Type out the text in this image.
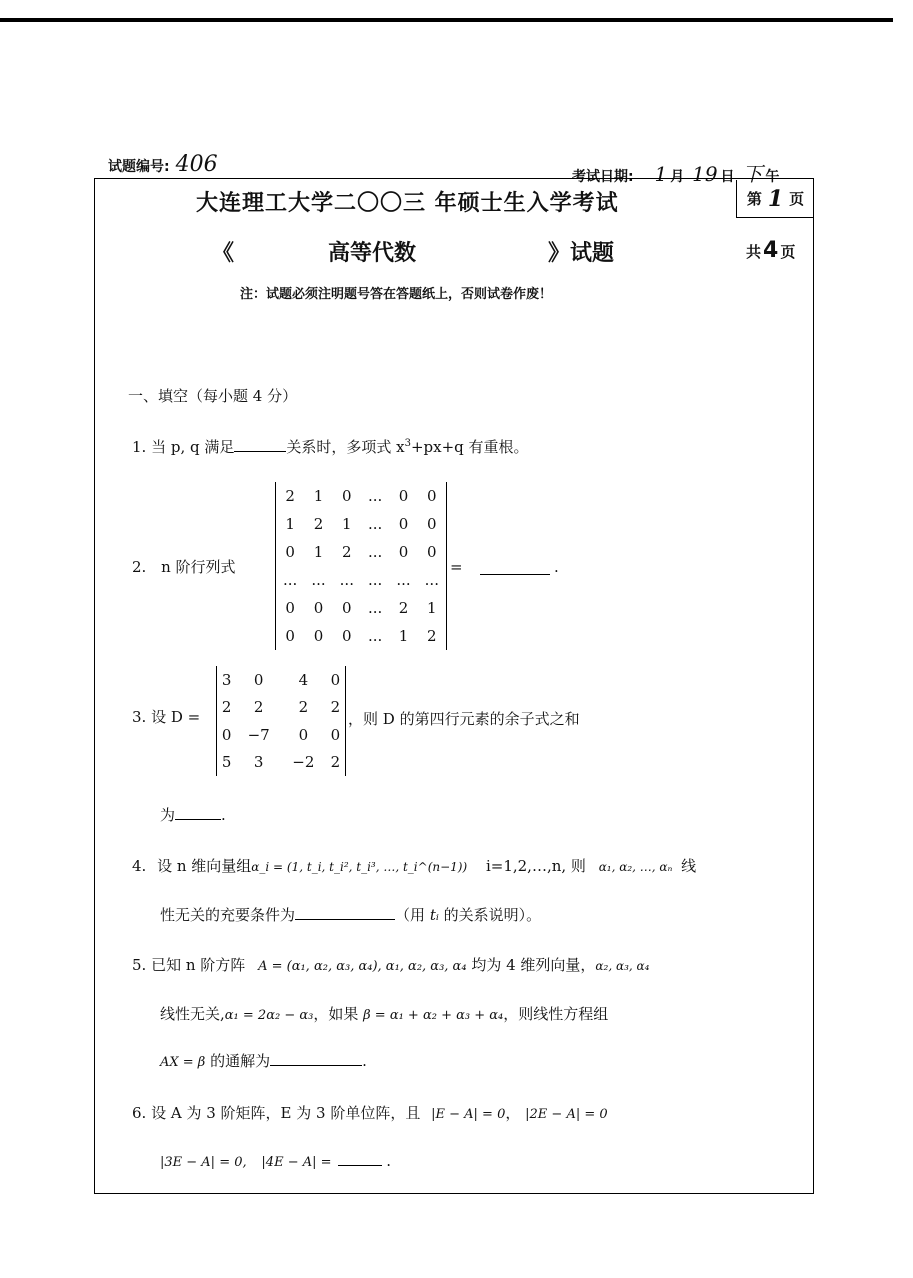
试题编号: 406	考试日期: 1 月 19 日 下 午
大连理工大学二〇〇三 年硕士生入学考试	第 1 页
《	高等代数	》试题	共4 页
注：试题必须注明题号答在答题纸上，否则试卷作废！
一、填空（每小题 4 分）
1. 当 p, q 满足	关系时，多项式 $x^3+px+q$ 有重根。
2. n 阶行列式
2	1	0	...	0	0
1	2	1	...	0	0
0	1	2	...	0	0
...	...	...	...	...	...
0	0	0	...	2	1
0	0	0	...	1	2
=	.
3. 设 D =
3	0	4	0
2	2	2	2
0	−7	0	0
5	3	−2	2
，则 D 的第四行元素的余子式之和
为	.
4. 设 n 维向量组α_i = (1, t_i, t_i², t_i³, …, t_i^(n−1)) i=1,2,…,n, 则 α₁, α₂, …, αₙ 线
性无关的充要条件为	（用 tᵢ 的关系说明）。
5. 已知 n 阶方阵 A = (α₁, α₂, α₃, α₄), α₁, α₂, α₃, α₄ 均为 4 维列向量，α₂, α₃, α₄
线性无关,α₁ = 2α₂ − α₃，如果 β = α₁ + α₂ + α₃ + α₄，则线性方程组
AX = β 的通解为	.
6. 设 A 为 3 阶矩阵，E 为 3 阶单位阵，且 |E − A| = 0， |2E − A| = 0
|3E − A| = 0, |4E − A| =	.
